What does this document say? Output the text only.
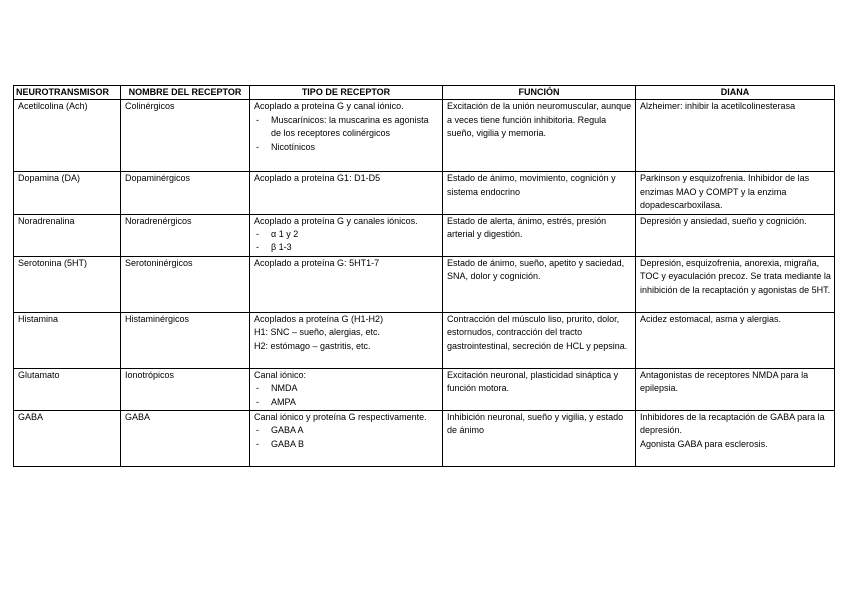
NEUROTRANSMISOR	NOMBRE DEL RECEPTOR	TIPO DE RECEPTOR	FUNCIÓN	DIANA
Acetilcolina (Ach)	Colinérgicos	Acoplado a proteína G y canal iónico.
- Muscarínicos: la muscarina es agonista de los receptores colinérgicos
- Nicotínicos	Excitación de la unión neuromuscular, aunque a veces tiene función inhibitoria. Regula sueño, vigilia y memoria.	Alzheimer: inhibir la acetilcolinesterasa

Dopamina (DA)	Dopaminérgicos	Acoplado a proteína G1: D1-D5	Estado de ánimo, movimiento, cognición y sistema endocrino	Parkinson y esquizofrenia. Inhibidor de las enzimas MAO y COMPT y la enzima dopadescarboxilasa.

Noradrenalina	Noradrenérgicos	Acoplado a proteína G y canales iónicos.
- α 1 y 2
- β 1-3	Estado de alerta, ánimo, estrés, presión arterial y digestión.	Depresión y ansiedad, sueño y cognición.

Serotonina (5HT)	Serotoninérgicos	Acoplado a proteína G: 5HT1-7	Estado de ánimo, sueño, apetito y saciedad, SNA, dolor y cognición.	Depresión, esquizofrenia, anorexia, migraña, TOC y eyaculación precoz. Se trata mediante la inhibición de la recaptación y agonistas de 5HT.

Histamina	Histaminérgicos	Acoplados a proteína G (H1-H2)
H1: SNC – sueño, alergias, etc.
H2: estómago – gastritis, etc.	Contracción del músculo liso, prurito, dolor, estornudos, contracción del tracto gastrointestinal, secreción de HCL y pepsina.	Acidez estomacal, asma y alergias.

Glutamato	Ionotrópicos	Canal iónico:
- NMDA
- AMPA	Excitación neuronal, plasticidad sináptica y función motora.	Antagonistas de receptores NMDA para la epilepsia.

GABA	GABA	Canal iónico y proteína G respectivamente.
- GABA A
- GABA B	Inhibición neuronal, sueño y vigilia, y estado de ánimo	Inhibidores de la recaptación de GABA para la depresión.
Agonista GABA para esclerosis.
